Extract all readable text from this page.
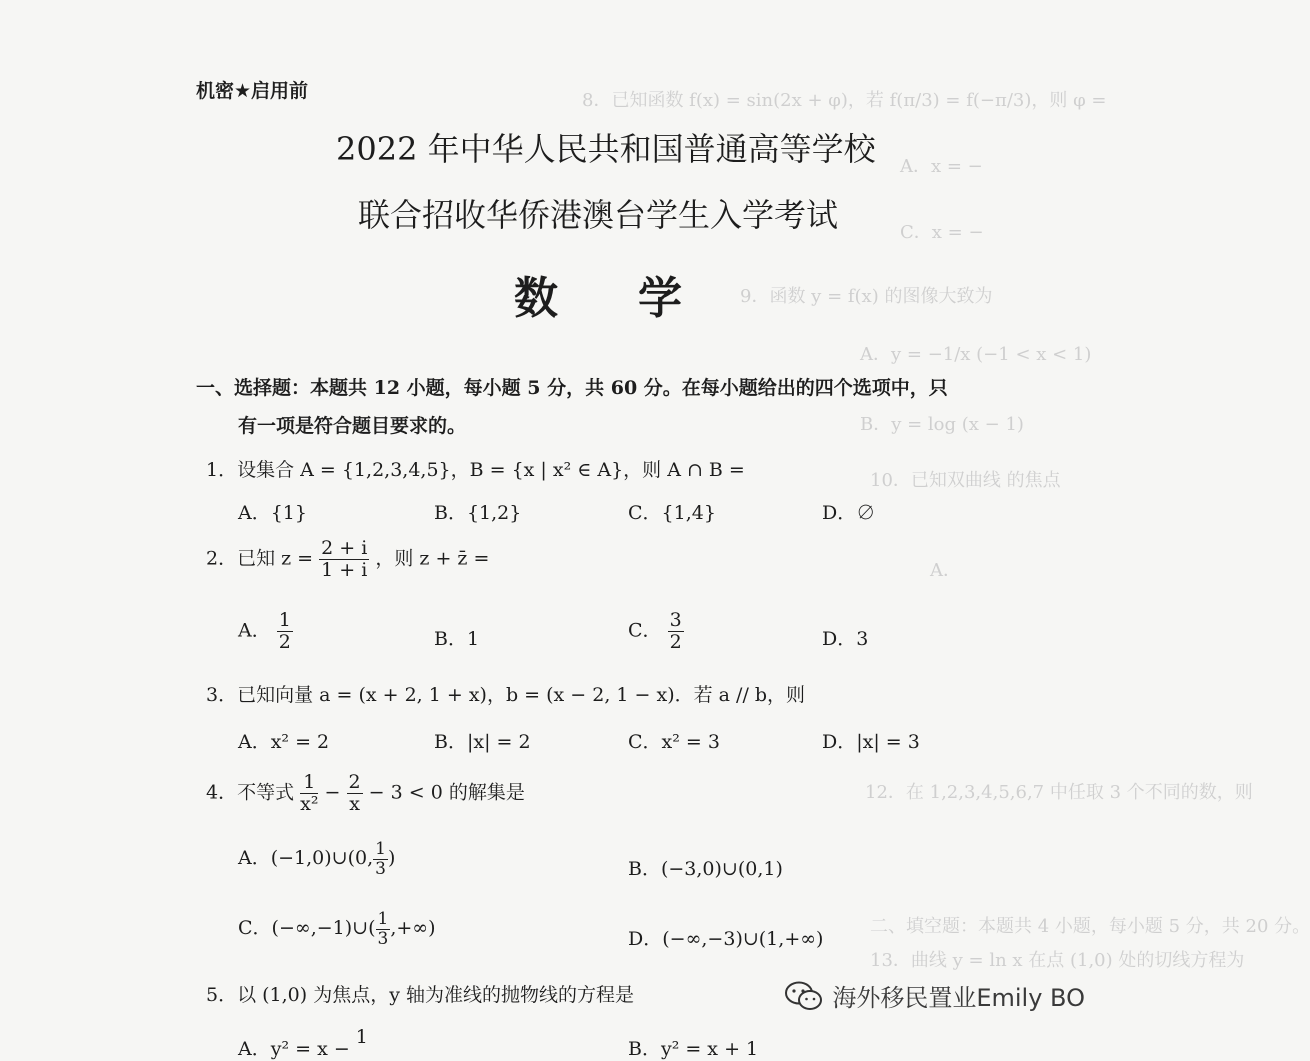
8．已知函数 f(x) = sin(2x + φ)，若 f(π/3) = f(−π/3)，则 φ =
A．x = −
C．x = −
9．函数 y = f(x) 的图像大致为
A．y = −1/x (−1 < x < 1)
B．y = log (x − 1)
10．已知双曲线 的焦点
A．
12．在 1,2,3,4,5,6,7 中任取 3 个不同的数，则
二、填空题：本题共 4 小题，每小题 5 分，共 20 分。
13．曲线 y = ln x 在点 (1,0) 处的切线方程为
机密★启用前
2022 年中华人民共和国普通高等学校
联合招收华侨港澳台学生入学考试
数学
一、选择题：本题共 12 小题，每小题 5 分，共 60 分。在每小题给出的四个选项中，只
有一项是符合题目要求的。
1．设集合 A = {1,2,3,4,5}，B = {x | x² ∈ A}，则 A ∩ B =
A．{1}	B．{1,2}	C．{1,4}	D．∅
2．已知 $z = \frac{2 + i}{1 + i}$ ，则 z + z̄ =
A． $\frac{1}{2}$	B．1	C． $\frac{3}{2}$	D．3
3．已知向量 a = (x + 2, 1 + x)，b = (x − 2, 1 − x)．若 a // b，则
A．x² = 2	B．|x| = 2	C．x² = 3	D．|x| = 3
4．不等式 $\frac{1}{\text{x²}} - \frac{2}{x} - 3 < 0$ 的解集是
A．(−1,0)∪(0, $\frac{1}{3}$ )	B．(−3,0)∪(0,1)
C．(−∞,−1)∪( $\frac{1}{3}$ ,+∞)	D．(−∞,−3)∪(1,+∞)
5．以 (1,0) 为焦点，y 轴为准线的抛物线的方程是
A．y² = x − 1
B．y² = x + 1
海外移民置业Emily BO
